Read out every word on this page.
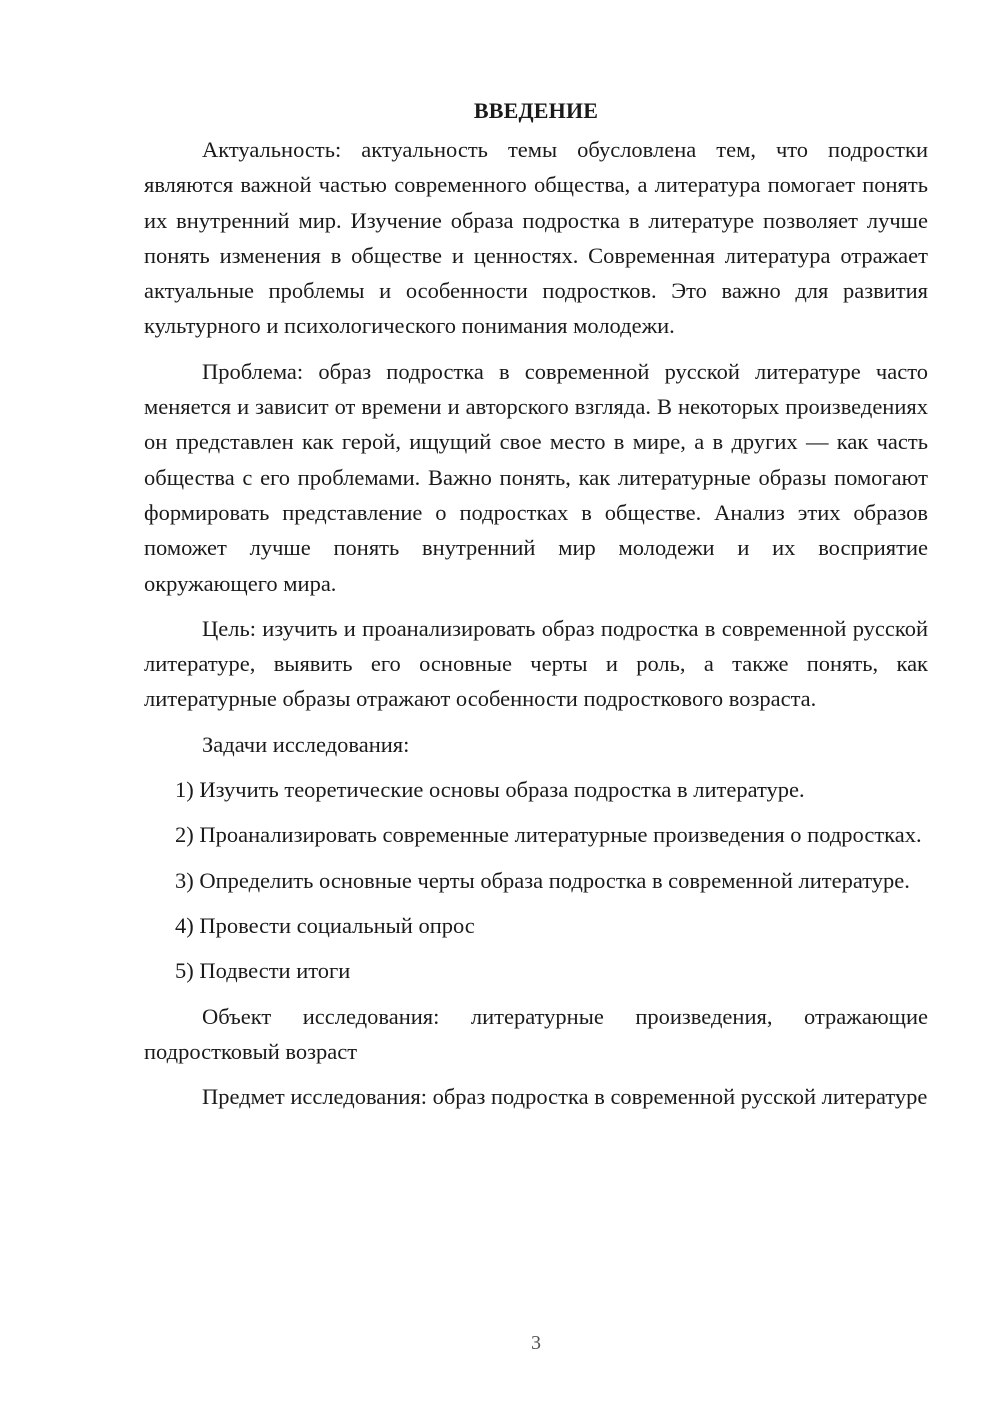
ВВЕДЕНИЕ

Актуальность: актуальность темы обусловлена тем, что подростки являются важной частью современного общества, а литература помогает понять их внутренний мир. Изучение образа подростка в литературе позволяет лучше понять изменения в обществе и ценностях. Современная литература отражает актуальные проблемы и особенности подростков. Это важно для развития культурного и психологического понимания молодежи.

Проблема: образ подростка в современной русской литературе часто меняется и зависит от времени и авторского взгляда. В некоторых произведениях он представлен как герой, ищущий свое место в мире, а в других — как часть общества с его проблемами. Важно понять, как литературные образы помогают формировать представление о подростках в обществе. Анализ этих образов поможет лучше понять внутренний мир молодежи и их восприятие окружающего мира.

Цель: изучить и проанализировать образ подростка в современной русской литературе, выявить его основные черты и роль, а также понять, как литературные образы отражают особенности подросткового возраста.

Задачи исследования:

1) Изучить теоретические основы образа подростка в литературе.

2) Проанализировать современные литературные произведения о подростках.

3) Определить основные черты образа подростка в современной литературе.

4) Провести социальный опрос

5) Подвести итоги

Объект исследования: литературные произведения, отражающие подростковый возраст

Предмет исследования: образ подростка в современной русской литературе

3
